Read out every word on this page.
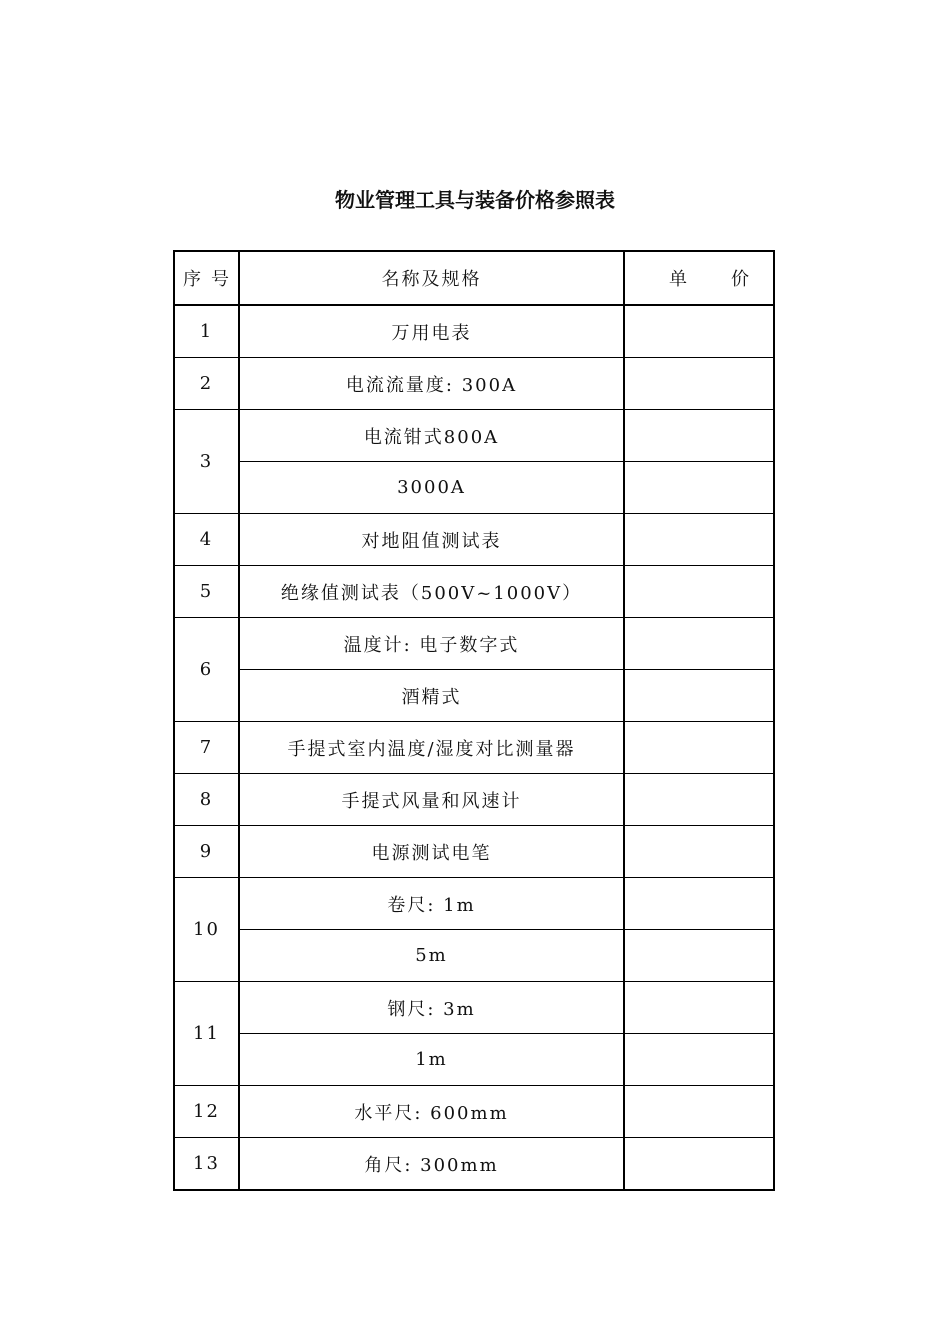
物业管理工具与装备价格参照表
序号	名称及规格	单价
1	万用电表	
2	电流流量度: 300A	
3	电流钳式800A	
	3000A	
4	对地阻值测试表	
5	绝缘值测试表（500V~1000V）	
6	温度计: 电子数字式	
	酒精式	
7	手提式室内温度/湿度对比测量器	
8	手提式风量和风速计	
9	电源测试电笔	
10	卷尺: 1m	
	5m	
11	钢尺: 3m	
	1m	
12	水平尺: 600mm	
13	角尺: 300mm	
